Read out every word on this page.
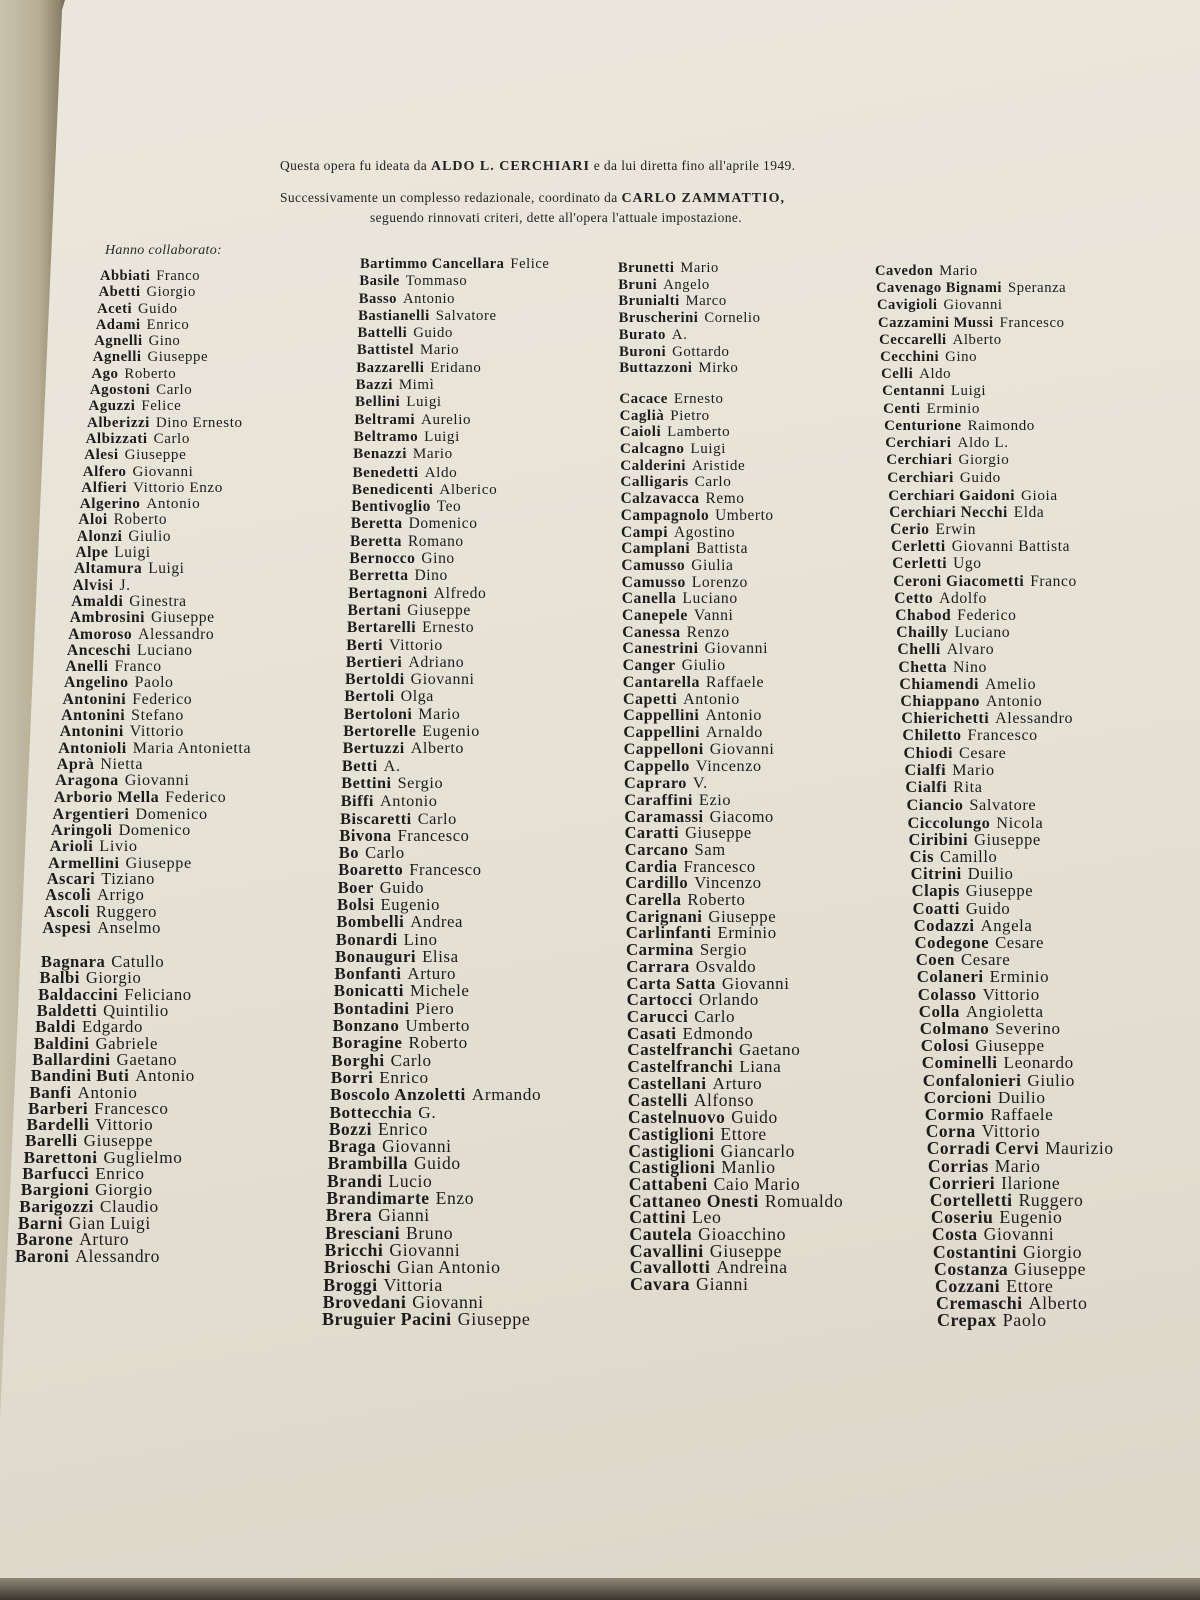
Questa opera fu ideata da ALDO L. CERCHIARI e da lui diretta fino all'aprile 1949.
Successivamente un complesso redazionale, coordinato da CARLO ZAMMATTIO,
seguendo rinnovati criteri, dette all'opera l'attuale impostazione.
Hanno collaborato:
Abbiati Franco
Abetti Giorgio
Aceti Guido
Adami Enrico
Agnelli Gino
Agnelli Giuseppe
Ago Roberto
Agostoni Carlo
Aguzzi Felice
Alberizzi Dino Ernesto
Albizzati Carlo
Alesi Giuseppe
Alfero Giovanni
Alfieri Vittorio Enzo
Algerino Antonio
Aloi Roberto
Alonzi Giulio
Alpe Luigi
Altamura Luigi
Alvisi J.
Amaldi Ginestra
Ambrosini Giuseppe
Amoroso Alessandro
Anceschi Luciano
Anelli Franco
Angelino Paolo
Antonini Federico
Antonini Stefano
Antonini Vittorio
Antonioli Maria Antonietta
Aprà Nietta
Aragona Giovanni
Arborio Mella Federico
Argentieri Domenico
Aringoli Domenico
Arioli Livio
Armellini Giuseppe
Ascari Tiziano
Ascoli Arrigo
Ascoli Ruggero
Aspesi Anselmo
Bagnara Catullo
Balbi Giorgio
Baldaccini Feliciano
Baldetti Quintilio
Baldi Edgardo
Baldini Gabriele
Ballardini Gaetano
Bandini Buti Antonio
Banfi Antonio
Barberi Francesco
Bardelli Vittorio
Barelli Giuseppe
Barettoni Guglielmo
Barfucci Enrico
Bargioni Giorgio
Barigozzi Claudio
Barni Gian Luigi
Barone Arturo
Baroni Alessandro
Bartimmo Cancellara Felice
Basile Tommaso
Basso Antonio
Bastianelli Salvatore
Battelli Guido
Battistel Mario
Bazzarelli Eridano
Bazzi Mimì
Bellini Luigi
Beltrami Aurelio
Beltramo Luigi
Benazzi Mario
Benedetti Aldo
Benedicenti Alberico
Bentivoglio Teo
Beretta Domenico
Beretta Romano
Bernocco Gino
Berretta Dino
Bertagnoni Alfredo
Bertani Giuseppe
Bertarelli Ernesto
Berti Vittorio
Bertieri Adriano
Bertoldi Giovanni
Bertoli Olga
Bertoloni Mario
Bertorelle Eugenio
Bertuzzi Alberto
Betti A.
Bettini Sergio
Biffi Antonio
Biscaretti Carlo
Bivona Francesco
Bo Carlo
Boaretto Francesco
Boer Guido
Bolsi Eugenio
Bombelli Andrea
Bonardi Lino
Bonauguri Elisa
Bonfanti Arturo
Bonicatti Michele
Bontadini Piero
Bonzano Umberto
Boragine Roberto
Borghi Carlo
Borri Enrico
Boscolo Anzoletti Armando
Bottecchia G.
Bozzi Enrico
Braga Giovanni
Brambilla Guido
Brandi Lucio
Brandimarte Enzo
Brera Gianni
Bresciani Bruno
Bricchi Giovanni
Brioschi Gian Antonio
Broggi Vittoria
Brovedani Giovanni
Bruguier Pacini Giuseppe
Brunetti Mario
Bruni Angelo
Brunialti Marco
Bruscherini Cornelio
Burato A.
Buroni Gottardo
Buttazzoni Mirko
Cacace Ernesto
Caglià Pietro
Caioli Lamberto
Calcagno Luigi
Calderini Aristide
Calligaris Carlo
Calzavacca Remo
Campagnolo Umberto
Campi Agostino
Camplani Battista
Camusso Giulia
Camusso Lorenzo
Canella Luciano
Canepele Vanni
Canessa Renzo
Canestrini Giovanni
Canger Giulio
Cantarella Raffaele
Capetti Antonio
Cappellini Antonio
Cappellini Arnaldo
Cappelloni Giovanni
Cappello Vincenzo
Capraro V.
Caraffini Ezio
Caramassi Giacomo
Caratti Giuseppe
Carcano Sam
Cardia Francesco
Cardillo Vincenzo
Carella Roberto
Carignani Giuseppe
Carlinfanti Erminio
Carmina Sergio
Carrara Osvaldo
Carta Satta Giovanni
Cartocci Orlando
Carucci Carlo
Casati Edmondo
Castelfranchi Gaetano
Castelfranchi Liana
Castellani Arturo
Castelli Alfonso
Castelnuovo Guido
Castiglioni Ettore
Castiglioni Giancarlo
Castiglioni Manlio
Cattabeni Caio Mario
Cattaneo Onesti Romualdo
Cattini Leo
Cautela Gioacchino
Cavallini Giuseppe
Cavallotti Andreina
Cavara Gianni
Cavedon Mario
Cavenago Bignami Speranza
Cavigioli Giovanni
Cazzamini Mussi Francesco
Ceccarelli Alberto
Cecchini Gino
Celli Aldo
Centanni Luigi
Centi Erminio
Centurione Raimondo
Cerchiari Aldo L.
Cerchiari Giorgio
Cerchiari Guido
Cerchiari Gaidoni Gioia
Cerchiari Necchi Elda
Cerio Erwin
Cerletti Giovanni Battista
Cerletti Ugo
Ceroni Giacometti Franco
Cetto Adolfo
Chabod Federico
Chailly Luciano
Chelli Alvaro
Chetta Nino
Chiamendi Amelio
Chiappano Antonio
Chierichetti Alessandro
Chiletto Francesco
Chiodi Cesare
Cialfi Mario
Cialfi Rita
Ciancio Salvatore
Ciccolungo Nicola
Ciribini Giuseppe
Cis Camillo
Citrini Duilio
Clapis Giuseppe
Coatti Guido
Codazzi Angela
Codegone Cesare
Coen Cesare
Colaneri Erminio
Colasso Vittorio
Colla Angioletta
Colmano Severino
Colosi Giuseppe
Cominelli Leonardo
Confalonieri Giulio
Corcioni Duilio
Cormio Raffaele
Corna Vittorio
Corradi Cervi Maurizio
Corrias Mario
Corrieri Ilarione
Cortelletti Ruggero
Coseriu Eugenio
Costa Giovanni
Costantini Giorgio
Costanza Giuseppe
Cozzani Ettore
Cremaschi Alberto
Crepax Paolo
